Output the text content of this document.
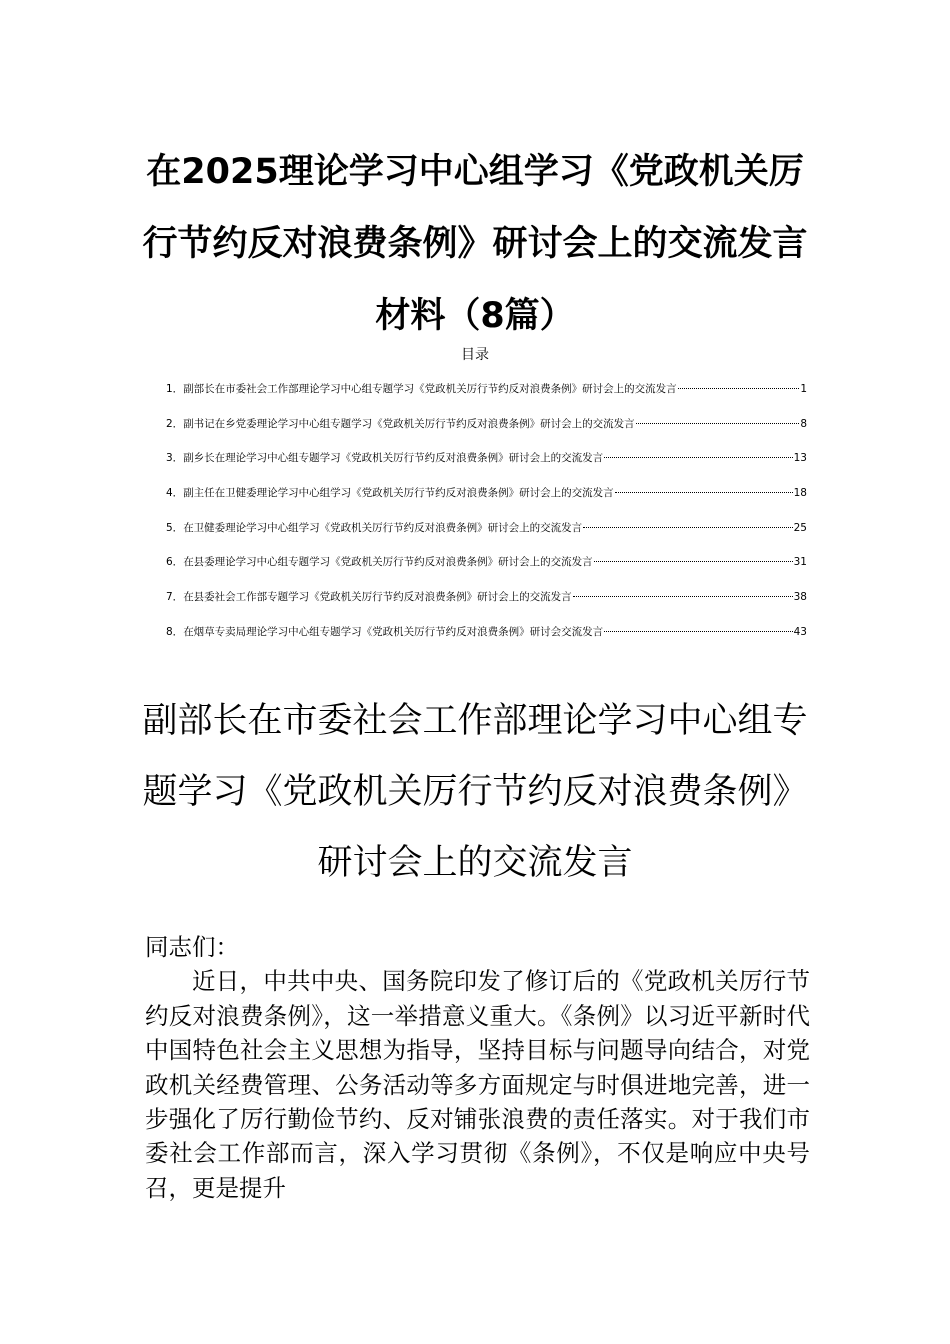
在2025理论学习中心组学习《党政机关厉行节约反对浪费条例》研讨会上的交流发言材料（8篇）
目录
1． 副部长在市委社会工作部理论学习中心组专题学习《党政机关厉行节约反对浪费条例》研讨会上的交流发言	1
2． 副书记在乡党委理论学习中心组专题学习《党政机关厉行节约反对浪费条例》研讨会上的交流发言	8
3． 副乡长在理论学习中心组专题学习《党政机关厉行节约反对浪费条例》研讨会上的交流发言	13
4． 副主任在卫健委理论学习中心组学习《党政机关厉行节约反对浪费条例》研讨会上的交流发言	18
5． 在卫健委理论学习中心组学习《党政机关厉行节约反对浪费条例》研讨会上的交流发言	25
6． 在县委理论学习中心组专题学习《党政机关厉行节约反对浪费条例》研讨会上的交流发言	31
7． 在县委社会工作部专题学习《党政机关厉行节约反对浪费条例》研讨会上的交流发言	38
8． 在烟草专卖局理论学习中心组专题学习《党政机关厉行节约反对浪费条例》研讨会交流发言	43
副部长在市委社会工作部理论学习中心组专题学习《党政机关厉行节约反对浪费条例》研讨会上的交流发言

同志们：

近日，中共中央、国务院印发了修订后的《党政机关厉行节约反对浪费条例》，这一举措意义重大。《条例》以习近平新时代中国特色社会主义思想为指导，坚持目标与问题导向结合，对党政机关经费管理、公务活动等多方面规定与时俱进地完善，进一步强化了厉行勤俭节约、反对铺张浪费的责任落实。对于我们市委社会工作部而言，深入学习贯彻《条例》，不仅是响应中央号召，更是提升
